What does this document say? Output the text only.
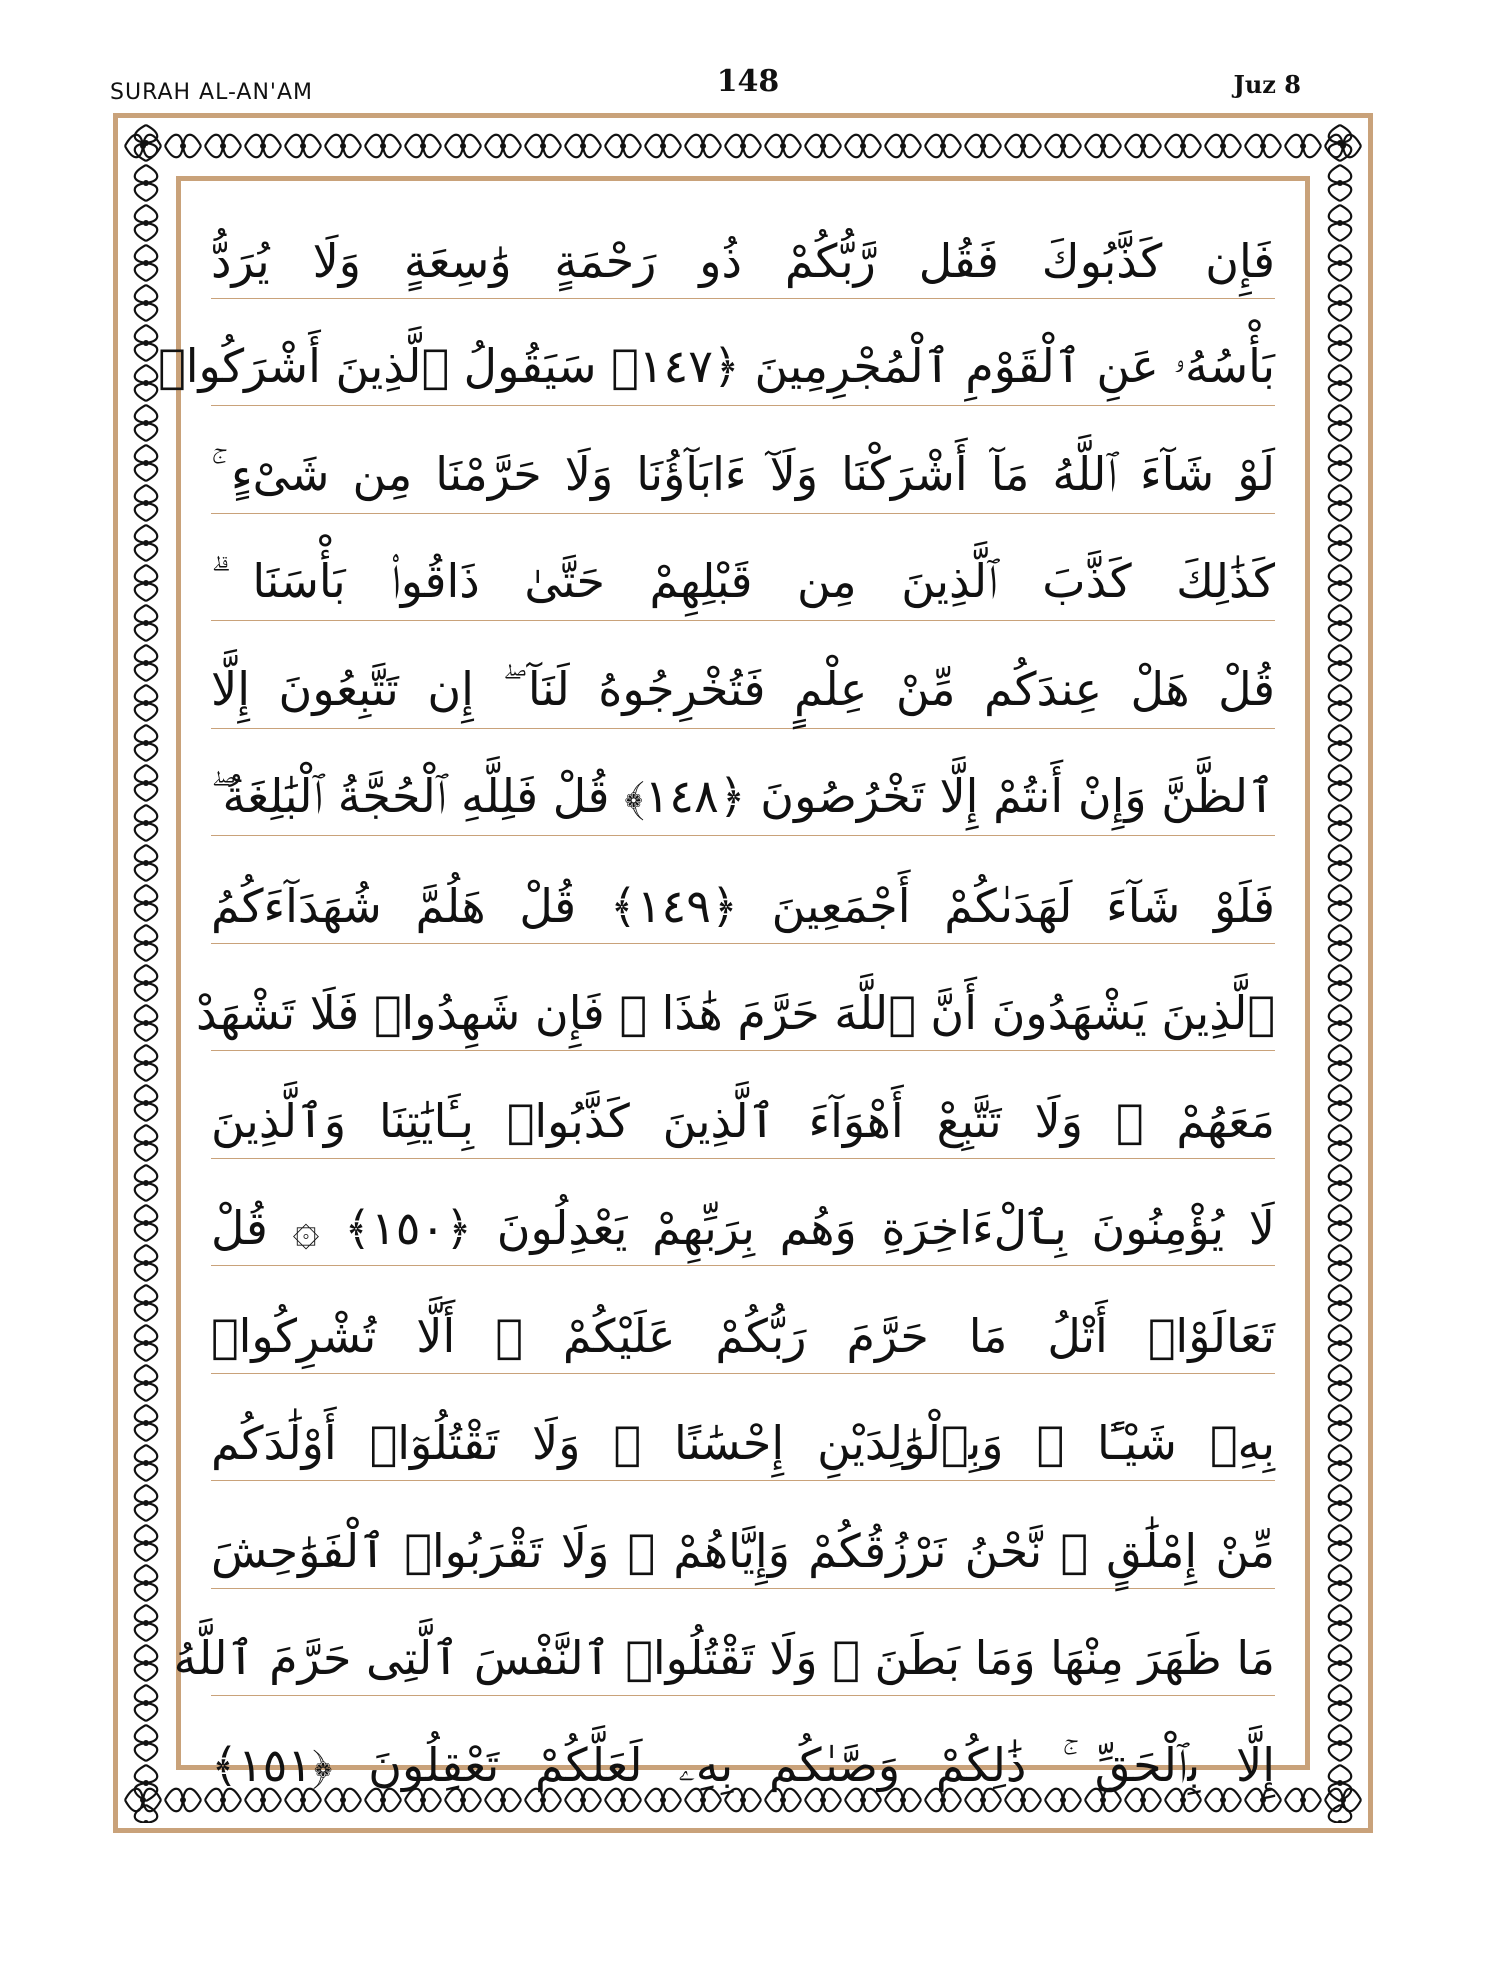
SURAH AL-AN'AM	148	Juz 8
فَإِن كَذَّبُوكَ فَقُل رَّبُّكُمْ ذُو رَحْمَةٍ وَٰسِعَةٍ وَلَا يُرَدُّ
بَأْسُهُۥ عَنِ ٱلْقَوْمِ ٱلْمُجْرِمِينَ ﴿١٤٧﴾ سَيَقُولُ ٱلَّذِينَ أَشْرَكُوا۟
لَوْ شَآءَ ٱللَّهُ مَآ أَشْرَكْنَا وَلَآ ءَابَآؤُنَا وَلَا حَرَّمْنَا مِن شَىْءٍ ۚ
كَذَٰلِكَ كَذَّبَ ٱلَّذِينَ مِن قَبْلِهِمْ حَتَّىٰ ذَاقُوا۟ بَأْسَنَا ۗ
قُلْ هَلْ عِندَكُم مِّنْ عِلْمٍ فَتُخْرِجُوهُ لَنَآ ۖ إِن تَتَّبِعُونَ إِلَّا
ٱلظَّنَّ وَإِنْ أَنتُمْ إِلَّا تَخْرُصُونَ ﴿١٤٨﴾ قُلْ فَلِلَّهِ ٱلْحُجَّةُ ٱلْبَٰلِغَةُ ۖ
فَلَوْ شَآءَ لَهَدَىٰكُمْ أَجْمَعِينَ ﴿١٤٩﴾ قُلْ هَلُمَّ شُهَدَآءَكُمُ
ٱلَّذِينَ يَشْهَدُونَ أَنَّ ٱللَّهَ حَرَّمَ هَٰذَا ۖ فَإِن شَهِدُوا۟ فَلَا تَشْهَدْ
مَعَهُمْ ۚ وَلَا تَتَّبِعْ أَهْوَآءَ ٱلَّذِينَ كَذَّبُوا۟ بِـَٔايَٰتِنَا وَٱلَّذِينَ
لَا يُؤْمِنُونَ بِٱلْءَاخِرَةِ وَهُم بِرَبِّهِمْ يَعْدِلُونَ ﴿١٥٠﴾ ۞ قُلْ
تَعَالَوْا۟ أَتْلُ مَا حَرَّمَ رَبُّكُمْ عَلَيْكُمْ ۖ أَلَّا تُشْرِكُوا۟
بِهِۦ شَيْـًٔا ۖ وَبِٱلْوَٰلِدَيْنِ إِحْسَٰنًا ۖ وَلَا تَقْتُلُوٓا۟ أَوْلَٰدَكُم
مِّنْ إِمْلَٰقٍ ۖ نَّحْنُ نَرْزُقُكُمْ وَإِيَّاهُمْ ۖ وَلَا تَقْرَبُوا۟ ٱلْفَوَٰحِشَ
مَا ظَهَرَ مِنْهَا وَمَا بَطَنَ ۖ وَلَا تَقْتُلُوا۟ ٱلنَّفْسَ ٱلَّتِى حَرَّمَ ٱللَّهُ
إِلَّا بِٱلْحَقِّ ۚ ذَٰلِكُمْ وَصَّىٰكُم بِهِۦ لَعَلَّكُمْ تَعْقِلُونَ ﴿١٥١﴾
